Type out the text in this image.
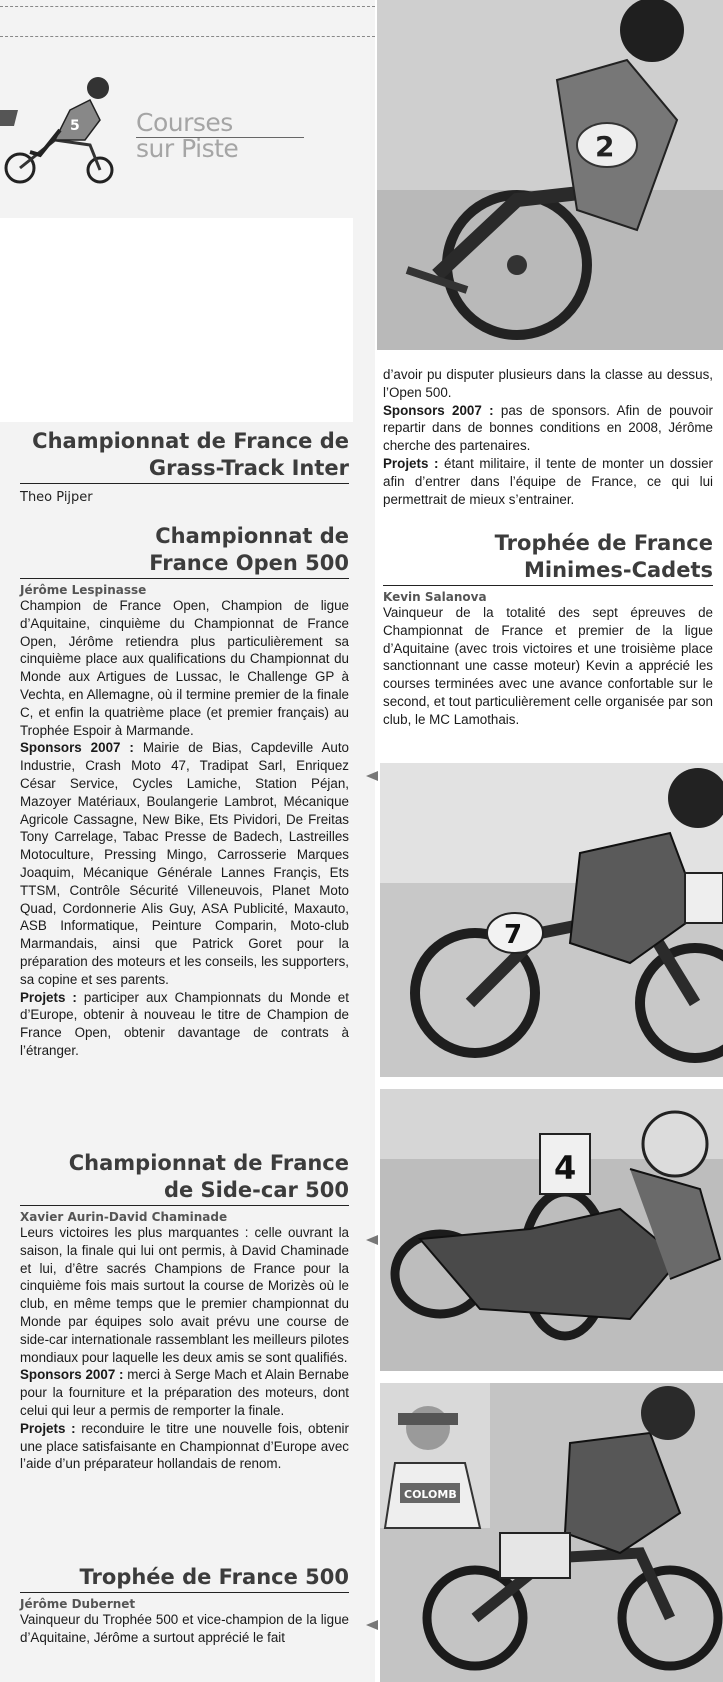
5 Courses
sur Piste
Championnat de France de Grass-Track Inter
Theo Pijper
Championnat de France Open 500
Jérôme Lespinasse

Champion de France Open, Champion de ligue d’Aquitaine, cinquième du Championnat de France Open, Jérôme retiendra plus particulièrement sa cinquième place aux qualifications du Championnat du Monde aux Artigues de Lussac, le Challenge GP à Vechta, en Allemagne, où il termine premier de la finale C, et enfin la quatrième place (et premier français) au Trophée Espoir à Marmande.

Sponsors 2007 : Mairie de Bias, Capdeville Auto Industrie, Crash Moto 47, Tradipat Sarl, Enriquez César Service, Cycles Lamiche, Station Péjan, Mazoyer Matériaux, Boulangerie Lambrot, Mécanique Agricole Cassagne, New Bike, Ets Pividori, De Freitas Tony Carrelage, Tabac Presse de Badech, Lastreilles Motoculture, Pressing Mingo, Carrosserie Marques Joaquim, Mécanique Générale Lannes Françis, Ets TTSM, Contrôle Sécurité Villeneuvois, Planet Moto Quad, Cordonnerie Alis Guy, ASA Publicité, Maxauto, ASB Informatique, Peinture Comparin, Moto-club Marmandais, ainsi que Patrick Goret pour la préparation des moteurs et les conseils, les supporters, sa copine et ses parents.

Projets : participer aux Championnats du Monde et d’Europe, obtenir à nouveau le titre de Champion de France Open, obtenir davantage de contrats à l’étranger.

Championnat de France de Side-car 500
Xavier Aurin-David Chaminade

Leurs victoires les plus marquantes : celle ouvrant la saison, la finale qui lui ont permis, à David Chaminade et lui, d’être sacrés Champions de France pour la cinquième fois mais surtout la course de Morizès où le club, en même temps que le premier championnat du Monde par équipes solo avait prévu une course de side-car internationale rassemblant les meilleurs pilotes mondiaux pour laquelle les deux amis se sont qualifiés.

Sponsors 2007 : merci à Serge Mach et Alain Bernabe pour la fourniture et la préparation des moteurs, dont celui qui leur a permis de remporter la finale.

Projets : reconduire le titre une nouvelle fois, obtenir une place satisfaisante en Championnat d’Europe avec l’aide d’un préparateur hollandais de renom.

Trophée de France 500
Jérôme Dubernet

Vainqueur du Trophée 500 et vice-champion de la ligue d’Aquitaine, Jérôme a surtout apprécié le fait

2

d’avoir pu disputer plusieurs dans la classe au dessus, l’Open 500.

Sponsors 2007 : pas de sponsors. Afin de pouvoir repartir dans de bonnes conditions en 2008, Jérôme cherche des partenaires.

Projets : étant militaire, il tente de monter un dossier afin d’entrer dans l’équipe de France, ce qui lui permettrait de mieux s’entrainer.

Trophée de France Minimes-Cadets
Kevin Salanova

Vainqueur de la totalité des sept épreuves de Championnat de France et premier de la ligue d’Aquitaine (avec trois victoires et une troisième place sanctionnant une casse moteur) Kevin a apprécié les courses terminées avec une avance confortable sur le second, et tout particulièrement celle organisée par son club, le MC Lamothais.

7
4
COLOMB
